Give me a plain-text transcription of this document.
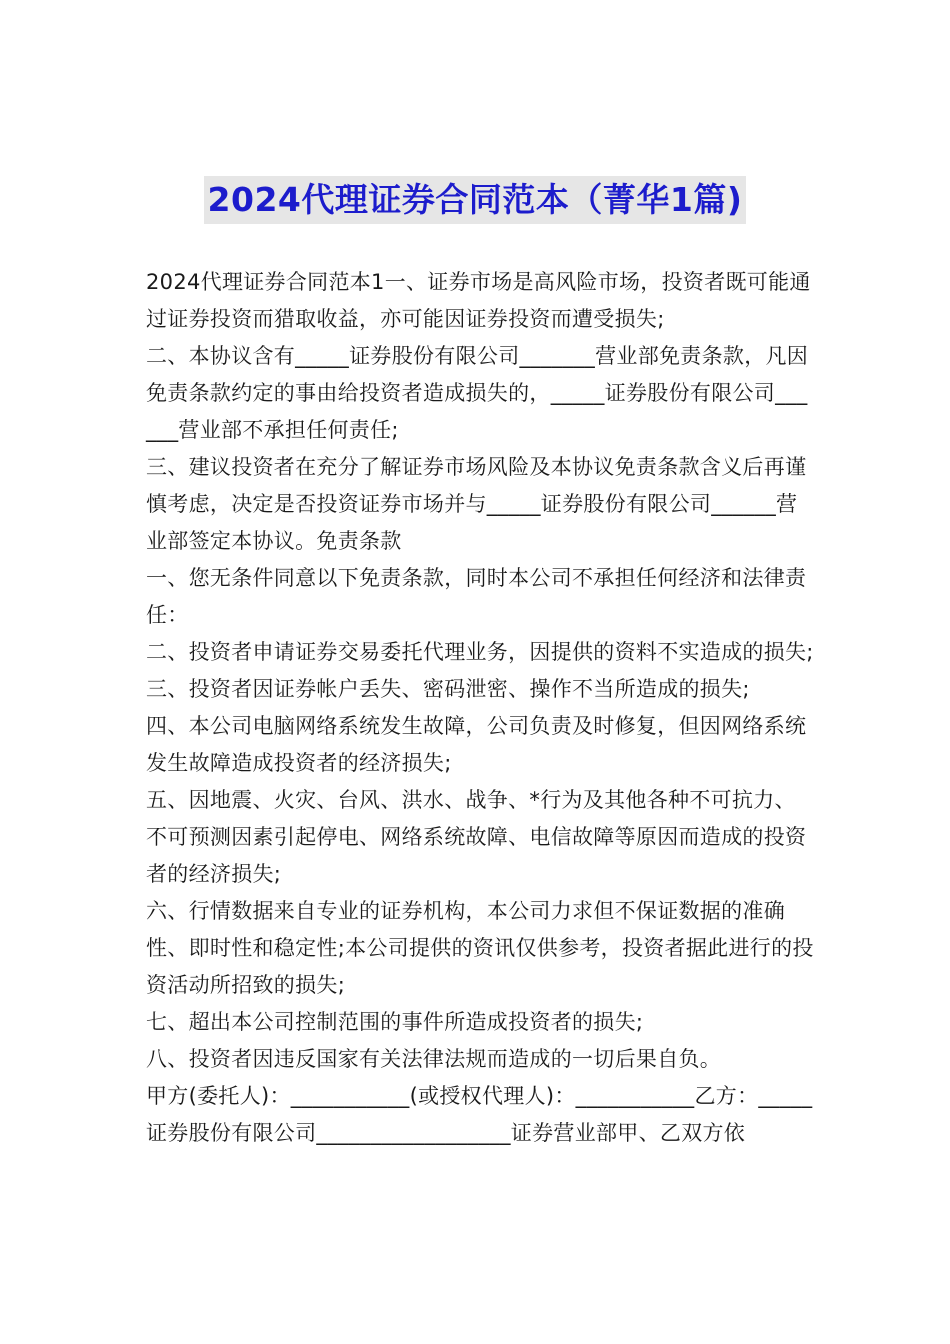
2024代理证券合同范本（菁华1篇)

2024代理证券合同范本1一、证券市场是高风险市场，投资者既可能通过证券投资而猎取收益，亦可能因证券投资而遭受损失;

二、本协议含有_____证券股份有限公司_______营业部免责条款，凡因免责条款约定的事由给投资者造成损失的，_____证券股份有限公司______营业部不承担任何责任;

三、建议投资者在充分了解证券市场风险及本协议免责条款含义后再谨慎考虑，决定是否投资证券市场并与_____证券股份有限公司______营业部签定本协议。免责条款

一、您无条件同意以下免责条款，同时本公司不承担任何经济和法律责任：

二、投资者申请证券交易委托代理业务，因提供的资料不实造成的损失;

三、投资者因证券帐户丢失、密码泄密、操作不当所造成的损失;

四、本公司电脑网络系统发生故障，公司负责及时修复，但因网络系统发生故障造成投资者的经济损失;

五、因地震、火灾、台风、洪水、战争、*行为及其他各种不可抗力、不可预测因素引起停电、网络系统故障、电信故障等原因而造成的投资者的经济损失;

六、行情数据来自专业的证券机构，本公司力求但不保证数据的准确性、即时性和稳定性;本公司提供的资讯仅供参考，投资者据此进行的投资活动所招致的损失;

七、超出本公司控制范围的事件所造成投资者的损失;

八、投资者因违反国家有关法律法规而造成的一切后果自负。

甲方(委托人)：___________(或授权代理人)：___________乙方：_____证券股份有限公司__________________证券营业部甲、乙双方依
